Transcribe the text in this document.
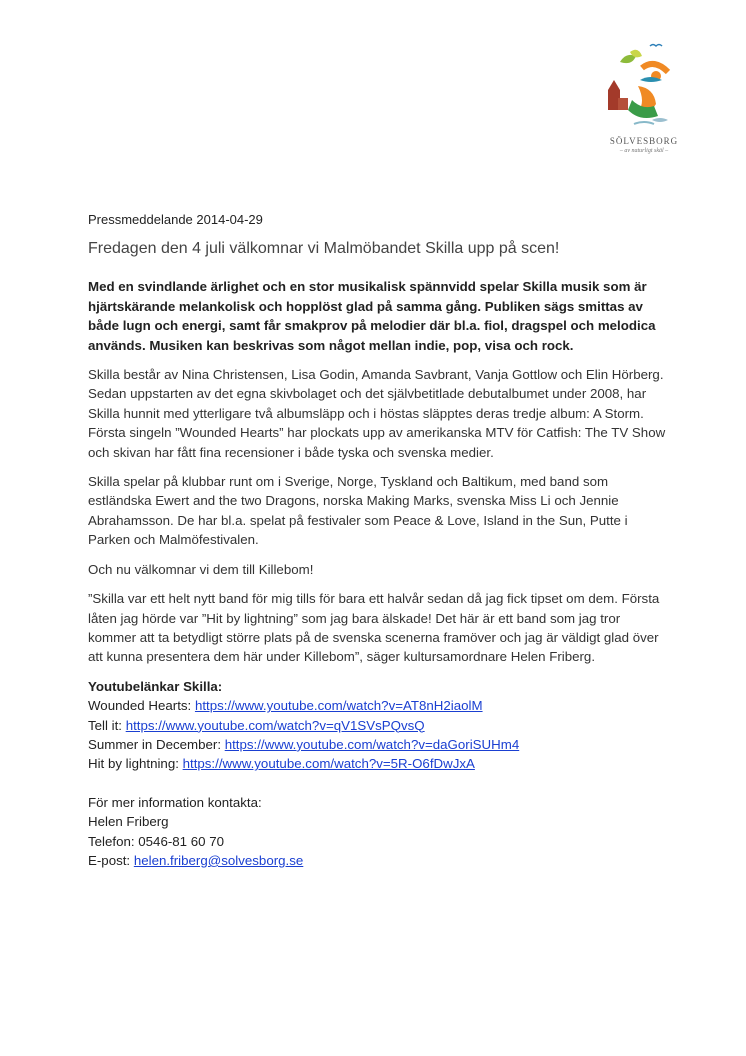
SÖLVESBORG
– av naturligt skäl –

Pressmeddelande 2014-04-29

Fredagen den 4 juli välkomnar vi Malmöbandet Skilla upp på scen!

Med en svindlande ärlighet och en stor musikalisk spännvidd spelar Skilla musik som är hjärtskärande melankolisk och hopplöst glad på samma gång. Publiken sägs smittas av både lugn och energi, samt får smakprov på melodier där bl.a. fiol, dragspel och melodica används. Musiken kan beskrivas som något mellan indie, pop, visa och rock.

Skilla består av Nina Christensen, Lisa Godin, Amanda Savbrant, Vanja Gottlow och Elin Hörberg. Sedan uppstarten av det egna skivbolaget och det självbetitlade debutalbumet under 2008, har Skilla hunnit med ytterligare två albumsläpp och i höstas släpptes deras tredje album: A Storm. Första singeln ”Wounded Hearts” har plockats upp av amerikanska MTV för Catfish: The TV Show och skivan har fått fina recensioner i både tyska och svenska medier.

Skilla spelar på klubbar runt om i Sverige, Norge, Tyskland och Baltikum, med band som estländska Ewert and the two Dragons, norska Making Marks, svenska Miss Li och Jennie Abrahamsson. De har bl.a. spelat på festivaler som Peace & Love, Island in the Sun, Putte i Parken och Malmöfestivalen.

Och nu välkomnar vi dem till Killebom!

”Skilla var ett helt nytt band för mig tills för bara ett halvår sedan då jag fick tipset om dem. Första låten jag hörde var ”Hit by lightning” som jag bara älskade! Det här är ett band som jag tror kommer att ta betydligt större plats på de svenska scenerna framöver och jag är väldigt glad över att kunna presentera dem här under Killebom”, säger kultursamordnare Helen Friberg.

Youtubelänkar Skilla:

Wounded Hearts: https://www.youtube.com/watch?v=AT8nH2iaolM

Tell it: https://www.youtube.com/watch?v=qV1SVsPQvsQ

Summer in December: https://www.youtube.com/watch?v=daGoriSUHm4

Hit by lightning: https://www.youtube.com/watch?v=5R-O6fDwJxA

För mer information kontakta:

Helen Friberg

Telefon: 0546-81 60 70

E-post: helen.friberg@solvesborg.se
